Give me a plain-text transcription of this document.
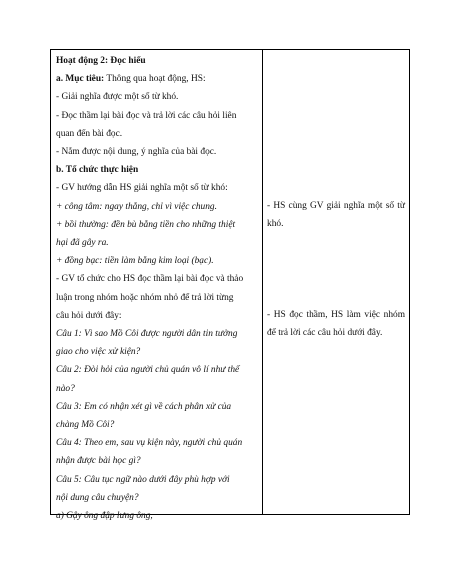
Hoạt động 2: Đọc hiểu
a. Mục tiêu: Thông qua hoạt động, HS:
- Giải nghĩa được một số từ khó.
- Đọc thầm lại bài đọc và trả lời các câu hỏi liên
quan đến bài đọc.
- Nắm được nội dung, ý nghĩa của bài đọc.
b. Tổ chức thực hiện
- GV hướng dẫn HS giải nghĩa một số từ khó:
+ công tâm: ngay thẳng, chỉ vì việc chung.
+ bồi thường: đền bù bằng tiền cho những thiệt
hại đã gây ra.
+ đồng bạc: tiền làm bằng kim loại (bạc).
- GV tổ chức cho HS đọc thầm lại bài đọc và thảo
luận trong nhóm hoặc nhóm nhỏ để trả lời từng
câu hỏi dưới đây:
Câu 1: Vì sao Mồ Côi được người dân tin tưởng
giao cho việc xử kiện?
Câu 2: Đòi hỏi của người chủ quán vô lí như thế
nào?
Câu 3: Em có nhận xét gì về cách phân xử của
chàng Mồ Côi?
Câu 4: Theo em, sau vụ kiện này, người chủ quán
nhận được bài học gì?
Câu 5: Câu tục ngữ nào dưới đây phù hợp với
nội dung câu chuyện?
a) Gậy ông đập lưng ông,
- HS cùng GV giải nghĩa một số từ khó.
- HS đọc thầm, HS làm việc nhóm để trả lời các câu hỏi dưới đây.
